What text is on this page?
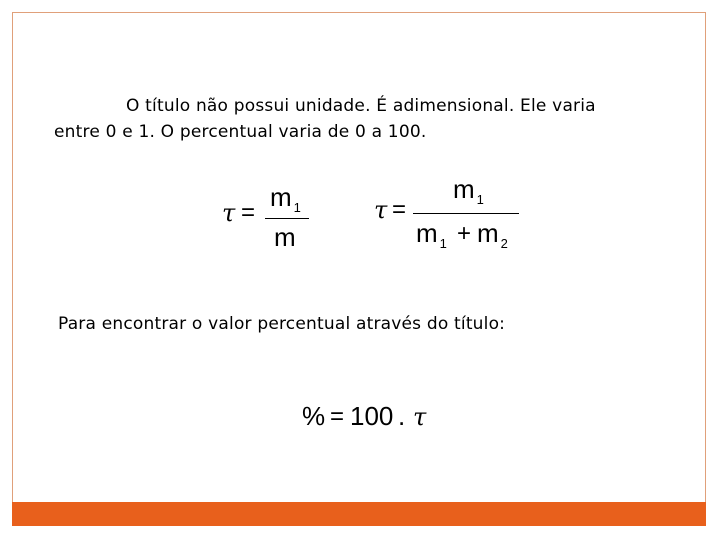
O título não possui unidade. É adimensional. Ele varia
entre 0 e 1. O percentual varia de 0 a 100.
τ =
m $_1$
m
τ =
m $_1$
m $_1$ + m $_2$
Para encontrar o valor percentual através do título:
% = 100 . τ
